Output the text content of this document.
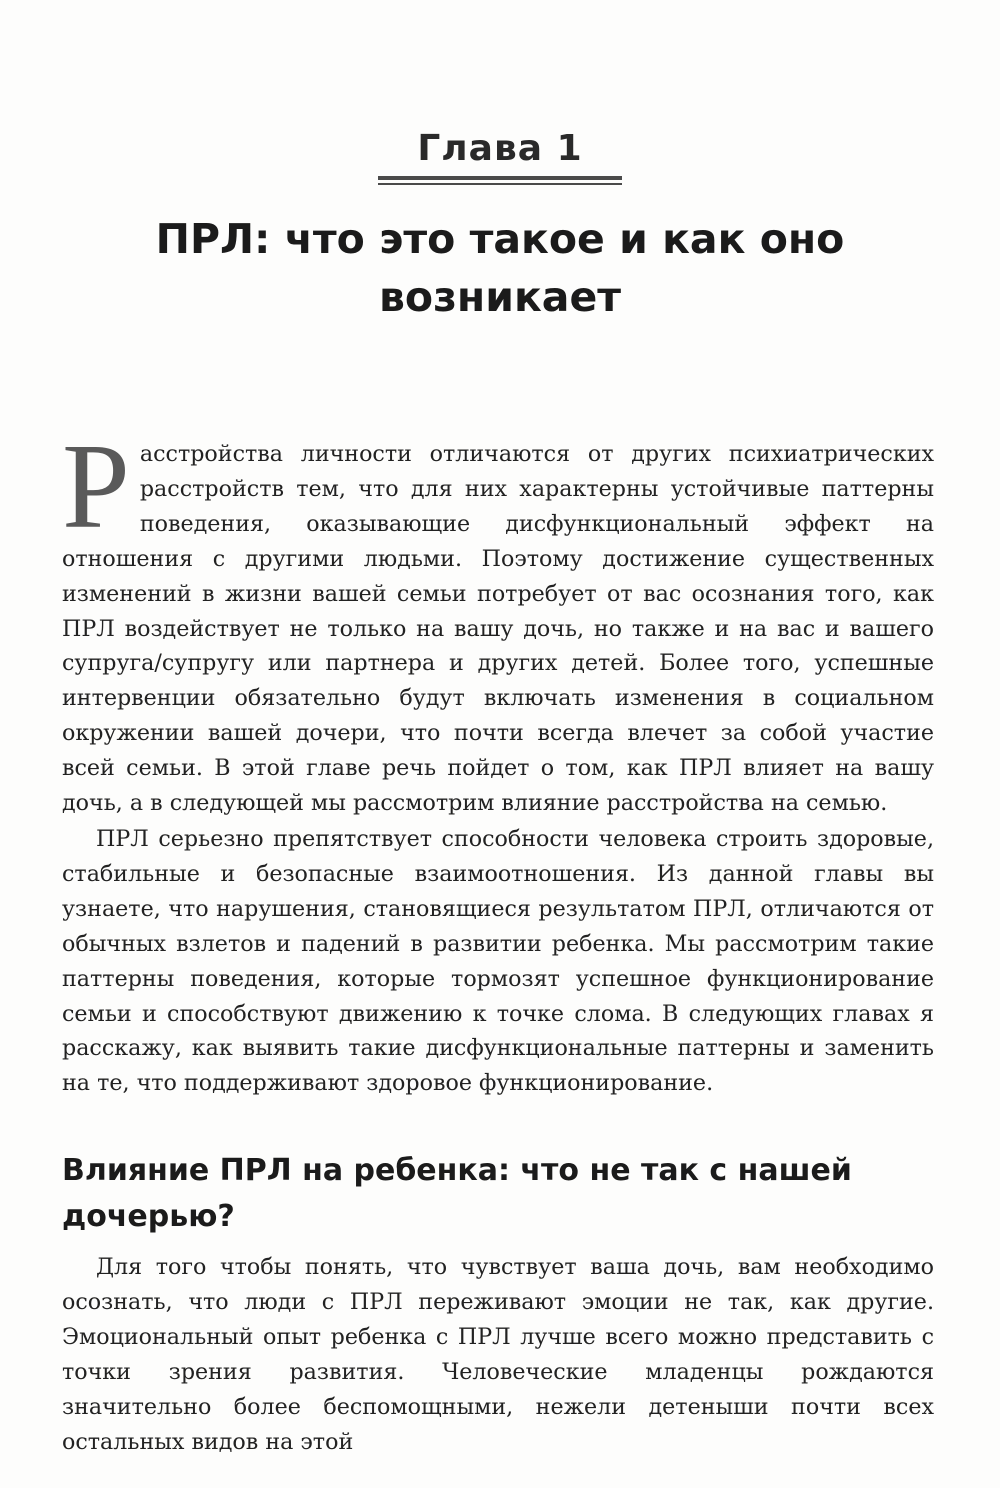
Глава 1
ПРЛ: что это такое и как оно возникает
Расстройства личности отличаются от других психиатрических расстройств тем, что для них характерны устойчивые паттерны поведения, оказывающие дисфункциональный эффект на отношения с другими людьми. Поэтому достижение существенных изменений в жизни вашей семьи потребует от вас осознания того, как ПРЛ воздействует не только на вашу дочь, но также и на вас и вашего супруга/супругу или партнера и других детей. Более того, успешные интервенции обязательно будут включать изменения в социальном окружении вашей дочери, что почти всегда влечет за собой участие всей семьи. В этой главе речь пойдет о том, как ПРЛ влияет на вашу дочь, а в следующей мы рассмотрим влияние расстройства на семью.

ПРЛ серьезно препятствует способности человека строить здоровые, стабильные и безопасные взаимоотношения. Из данной главы вы узнаете, что нарушения, становящиеся результатом ПРЛ, отличаются от обычных взлетов и падений в развитии ребенка. Мы рассмотрим такие паттерны поведения, которые тормозят успешное функционирование семьи и способствуют движению к точке слома. В следующих главах я расскажу, как выявить такие дисфункциональные паттерны и заменить на те, что поддерживают здоровое функционирование.

Влияние ПРЛ на ребенка: что не так с нашей дочерью?

Для того чтобы понять, что чувствует ваша дочь, вам необходимо осознать, что люди с ПРЛ переживают эмоции не так, как другие. Эмоциональный опыт ребенка с ПРЛ лучше всего можно представить с точки зрения развития. Человеческие младенцы рождаются значительно более беспомощными, нежели детеныши почти всех остальных видов на этой
